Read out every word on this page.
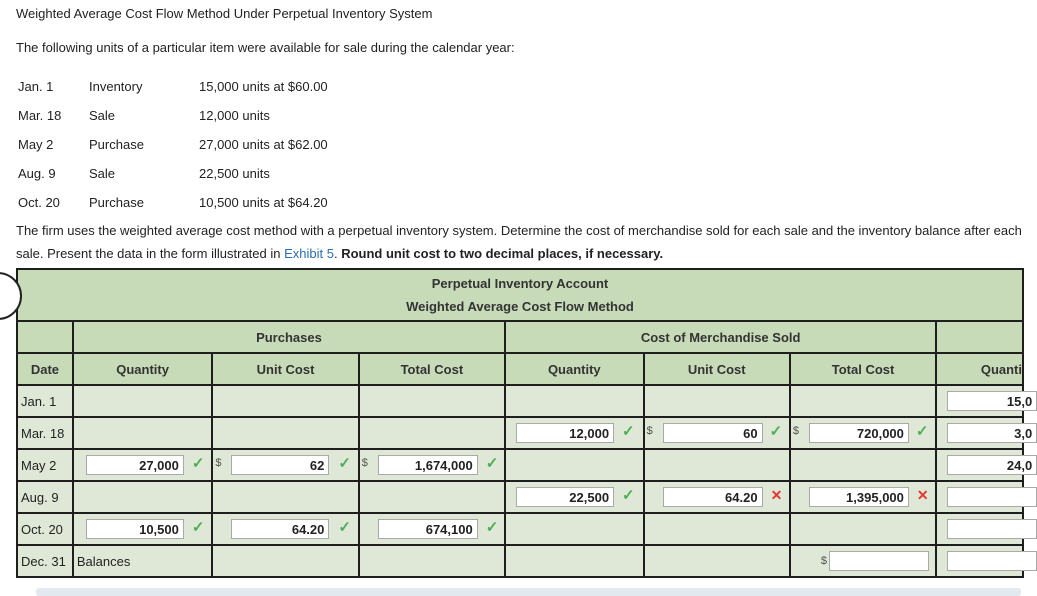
Weighted Average Cost Flow Method Under Perpetual Inventory System
The following units of a particular item were available for sale during the calendar year:
Jan. 1	Inventory	15,000 units at $60.00
Mar. 18	Sale	12,000 units
May 2	Purchase	27,000 units at $62.00
Aug. 9	Sale	22,500 units
Oct. 20	Purchase	10,500 units at $64.20
The firm uses the weighted average cost method with a perpetual inventory system. Determine the cost of merchandise sold for each sale and the inventory balance after each sale. Present the data in the form illustrated in Exhibit 5. Round unit cost to two decimal places, if necessary.
Perpetual Inventory Account
Weighted Average Cost Flow Method							

	Purchases			Cost of Merchandise Sold			
Date	Quantity	Unit Cost	Total Cost	Quantity	Unit Cost	Total Cost	Quanti
Jan. 1							15,0

Mar. 18				12,000 ✓	$ 60 ✓	$ 720,000 ✓	3,0

May 2	27,000 ✓	$ 62 ✓	$ 1,674,000 ✓				24,0

Aug. 9				22,500 ✓	64.20 ✕	1,395,000 ✕	

Oct. 20	10,500 ✓	64.20 ✓	674,100 ✓				

Dec. 31	Balances					$	
